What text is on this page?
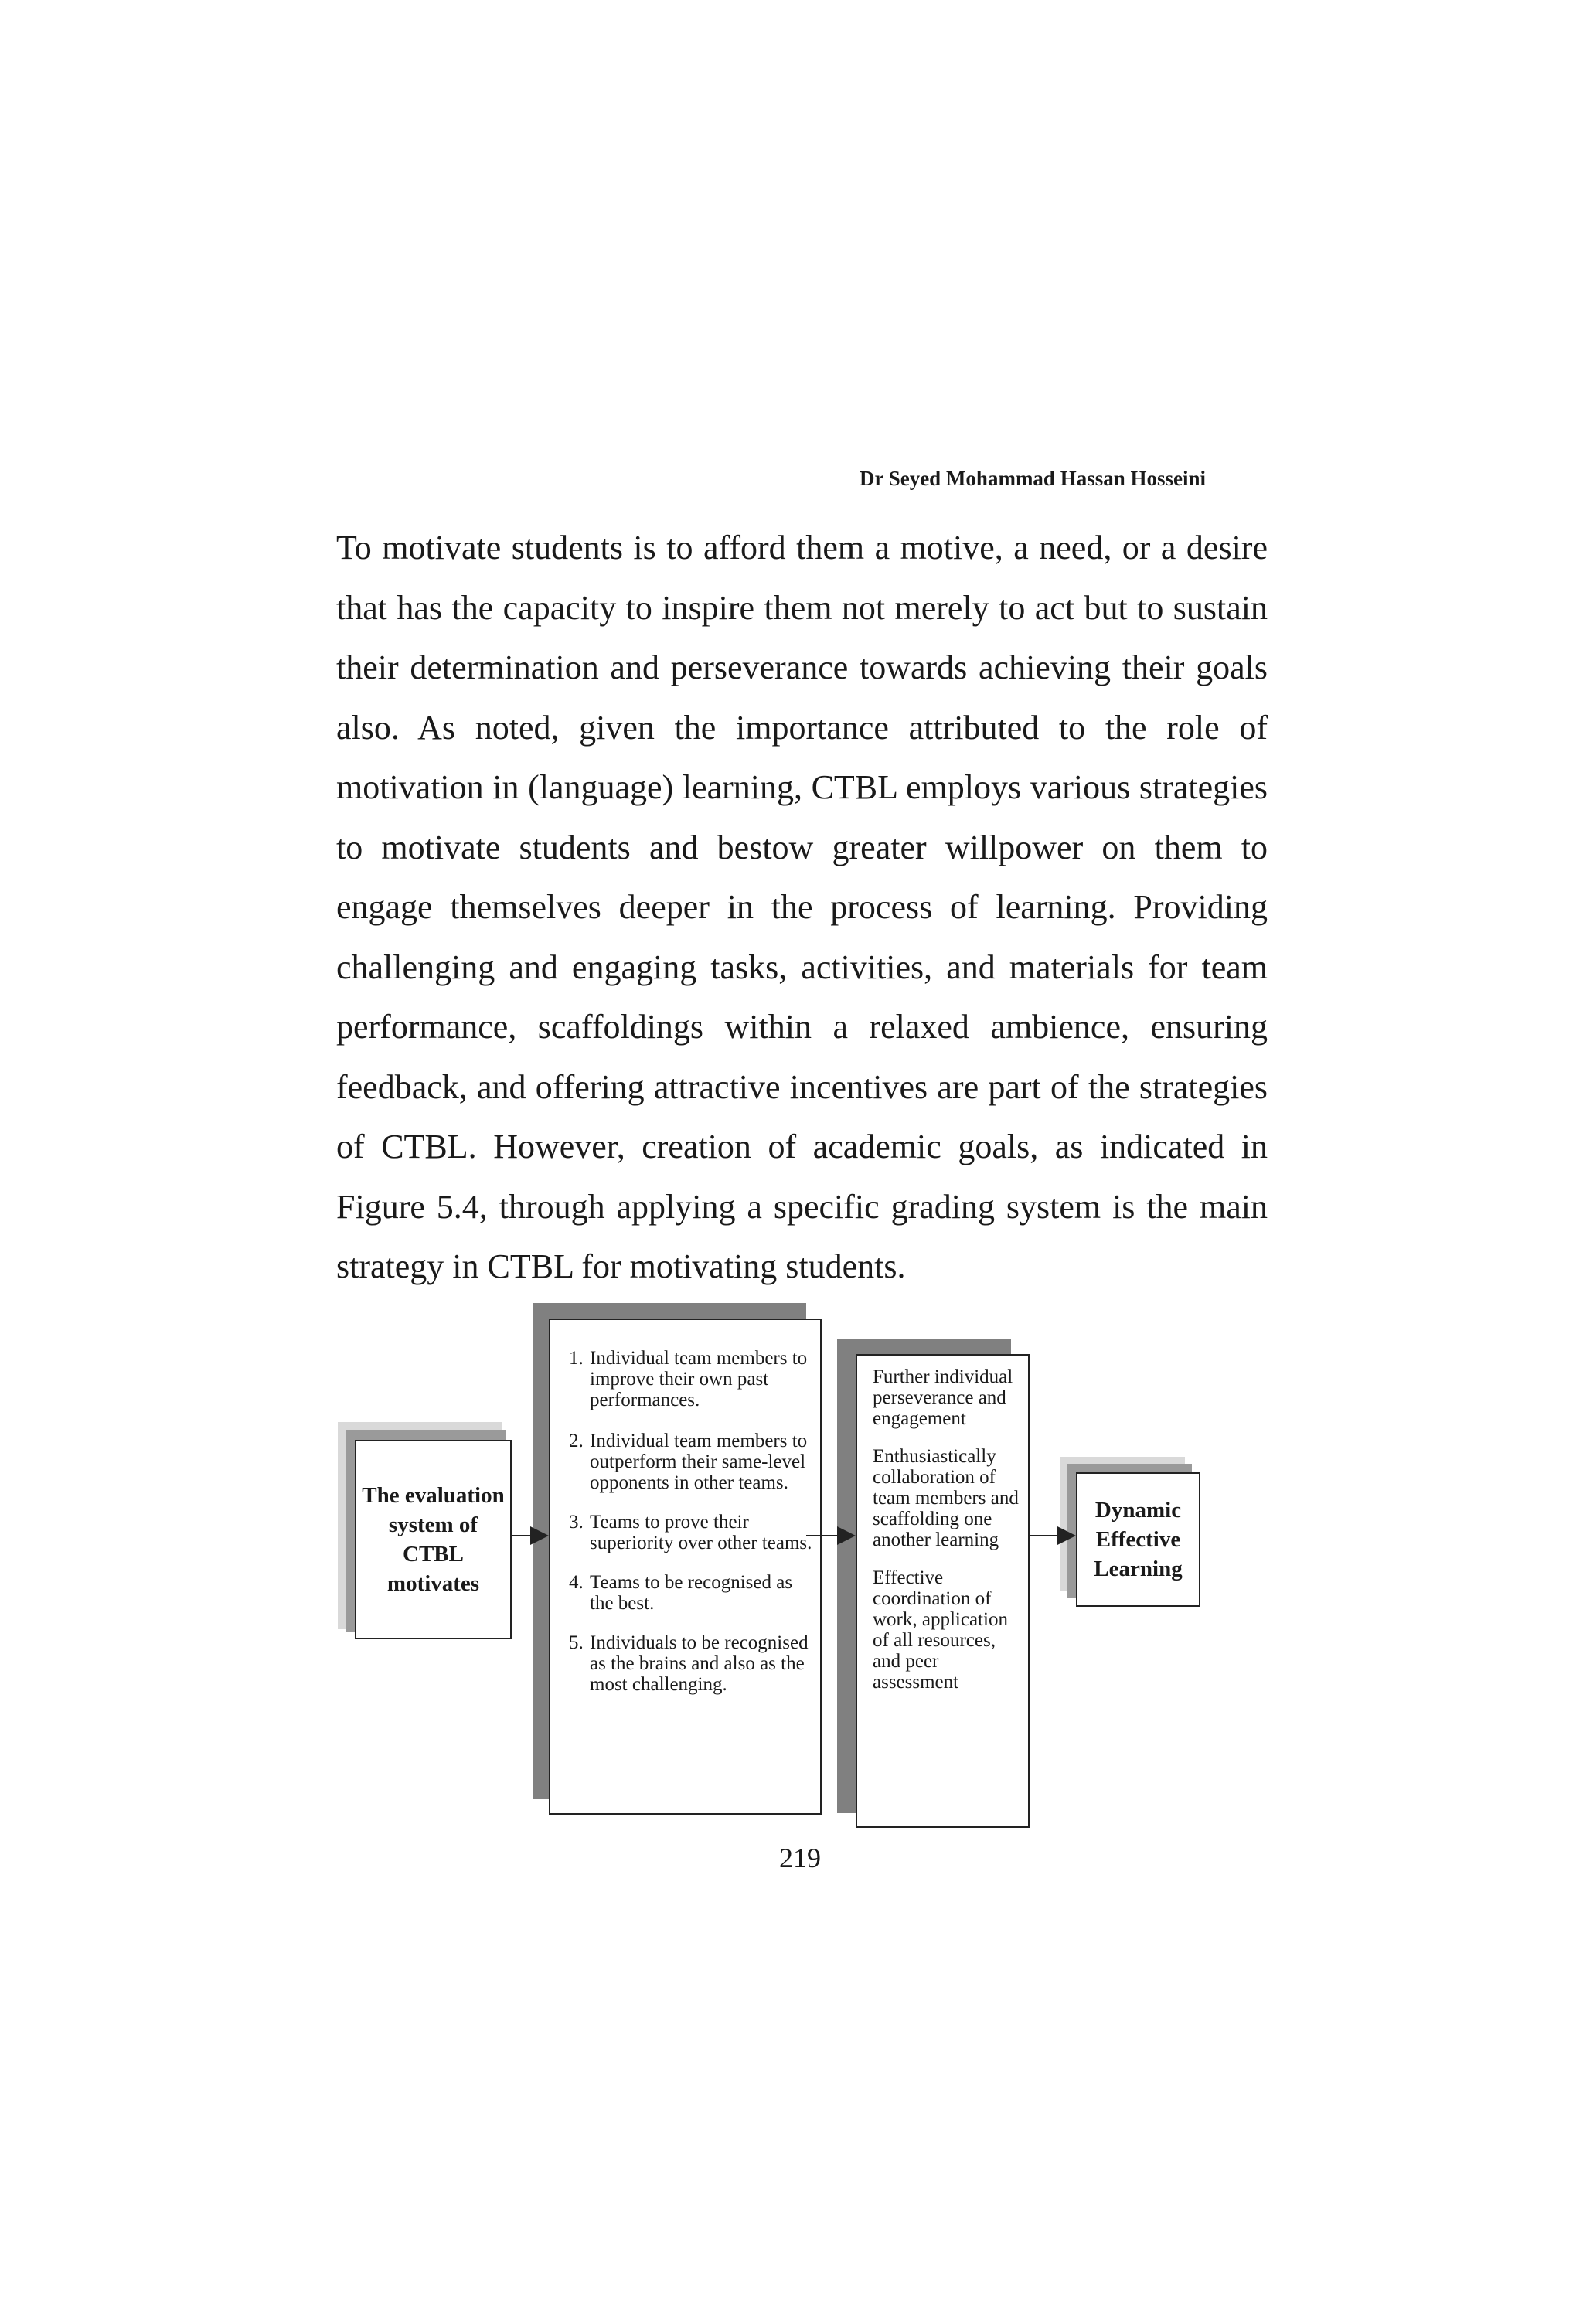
Dr Seyed Mohammad Hassan Hosseini

To motivate students is to afford them a motive, a need, or a desire that has the capacity to inspire them not merely to act but to sustain their determination and perseverance towards achieving their goals also. As noted, given the importance attributed to the role of motivation in (language) learning, CTBL employs various strategies to motivate students and bestow greater willpower on them to engage themselves deeper in the process of learning. Providing challenging and engaging tasks, activities, and materials for team performance, scaffoldings within a relaxed ambience, ensuring feedback, and offering attractive incentives are part of the strategies of CTBL. However, creation of academic goals, as indicated in Figure 5.4, through applying a specific grading system is the main strategy in CTBL for motivating students.

The evaluation system of CTBL motivates
1. Individual team members to improve their own past performances.
2. Individual team members to outperform their same-level opponents in other teams.
3. Teams to prove their superiority over other teams.
4. Teams to be recognised as the best.
5. Individuals to be recognised as the brains and also as the most challenging.
Further individual perseverance and engagement
Enthusiastically collaboration of team members and scaffolding one another learning
Effective coordination of work, application of all resources, and peer assessment
Dynamic Effective Learning
219
